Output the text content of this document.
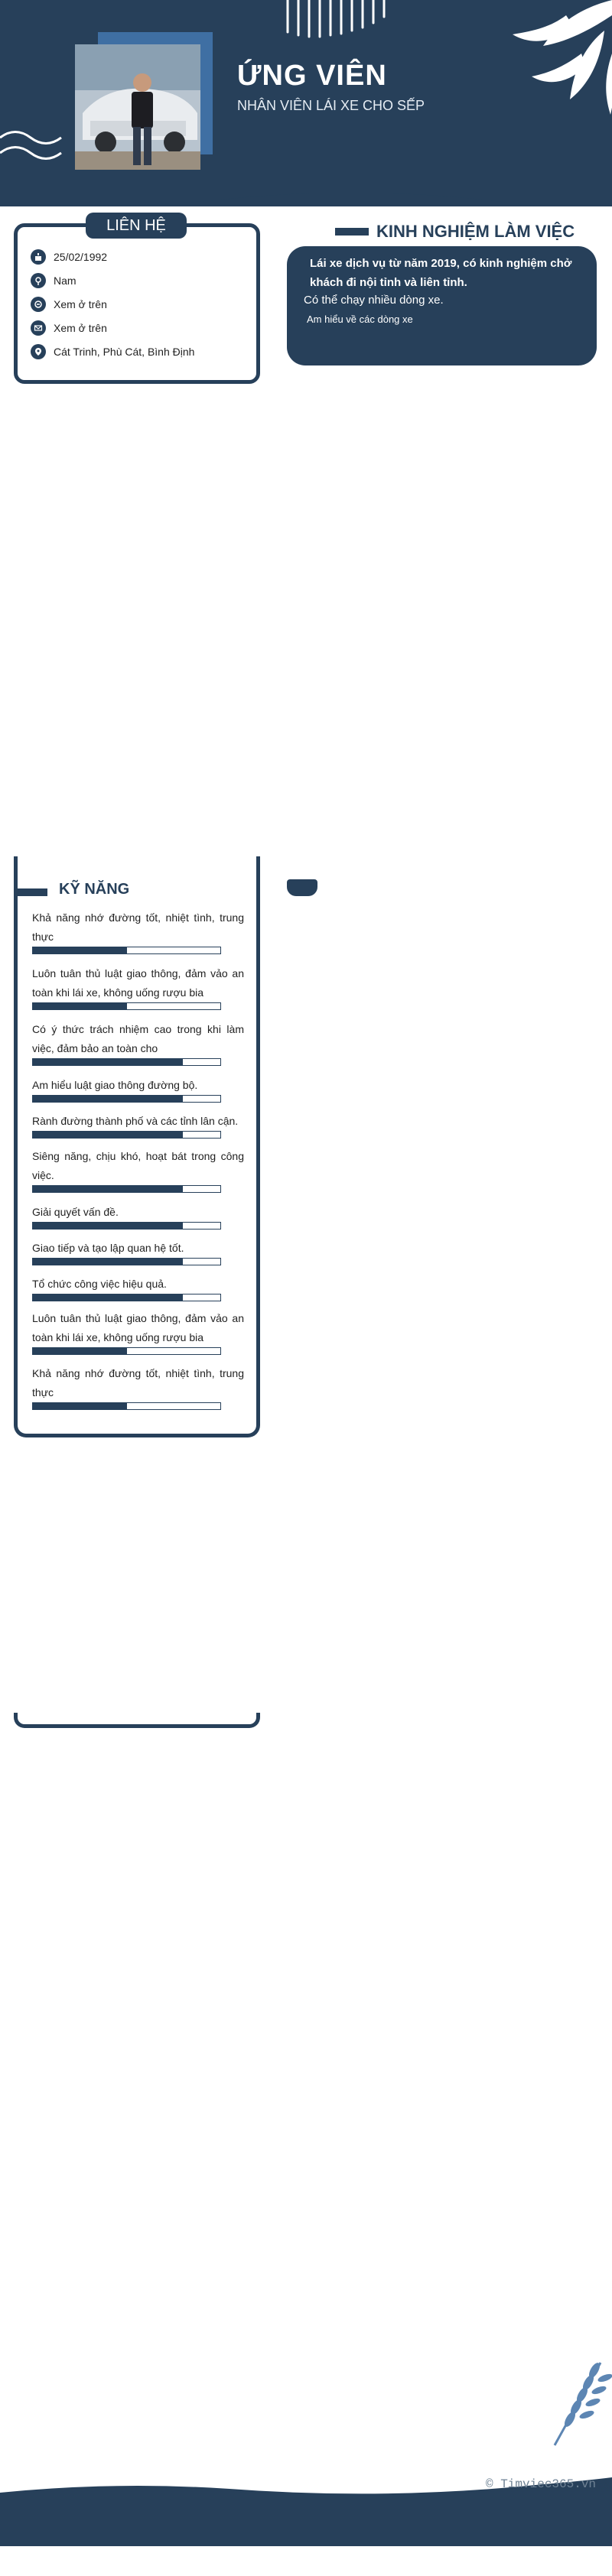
ỨNG VIÊN
NHÂN VIÊN LÁI XE CHO SẾP
LIÊN HỆ
25/02/1992
Nam
Xem ở trên
Xem ở trên
Cát Trinh, Phù Cát, Bình Định
KINH NGHIỆM LÀM VIỆC

Lái xe dịch vụ từ năm 2019, có kinh nghiệm chở khách đi nội tỉnh và liên tỉnh.

Có thể chạy nhiều dòng xe.

Am hiểu về các dòng xe

KỸ NĂNG
Khả năng nhớ đường tốt, nhiệt tình, trung thực
Luôn tuân thủ luật giao thông, đảm vảo an toàn khi lái xe, không uống rượu bia
Có ý thức trách nhiệm cao trong khi làm việc, đảm bảo an toàn cho
Am hiểu luật giao thông đường bộ.
Rành đường thành phố và các tỉnh lân cận.
Siêng năng, chịu khó, hoạt bát trong công việc.
Giải quyết vấn đề.
Giao tiếp và tạo lập quan hệ tốt.
Tổ chức công việc hiệu quả.
Luôn tuân thủ luật giao thông, đảm vảo an toàn khi lái xe, không uống rượu bia
Khả năng nhớ đường tốt, nhiệt tình, trung thực
© Timviec365.vn
